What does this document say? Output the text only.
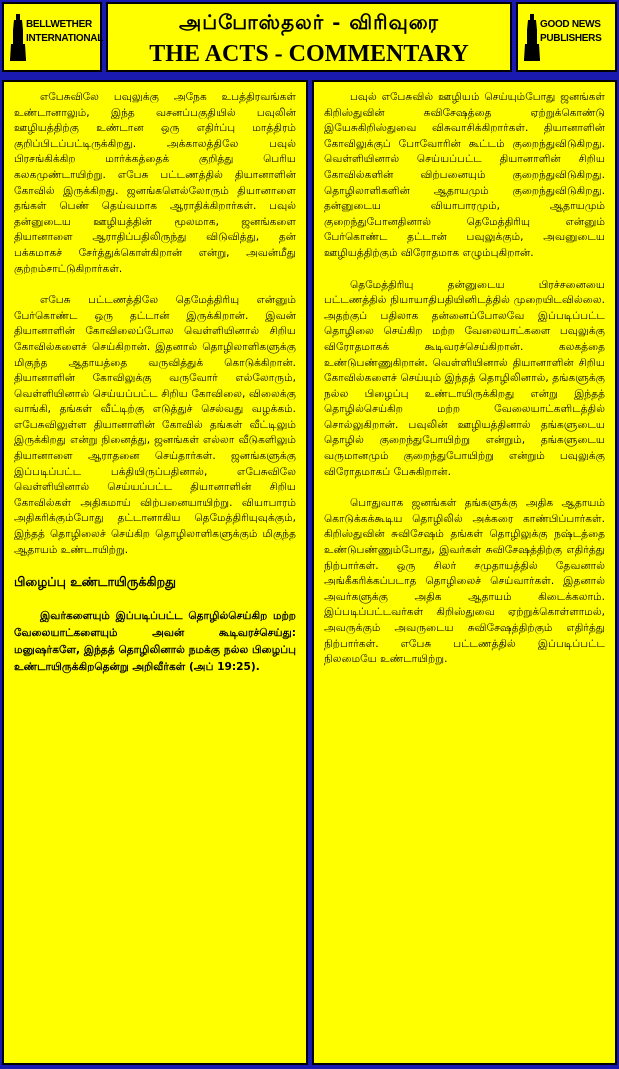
BELLWETHER INTERNATIONAL
அப்போஸ்தலர் - விரிவுரை
THE ACTS - COMMENTARY
GOOD NEWS PUBLISHERS

எபேசுவிலே பவுலுக்கு அநேக உபத்திரவங்கள் உண்டானாலும், இந்த வசனப்பகுதியில் பவுலின் ஊழியத்திற்கு உண்டான ஒரு எதிர்ப்பு மாத்திரம் குறிப்பிடப்பட்டிருக்கிறது. அக்காலத்திலே பவுல் பிரசங்கிக்கிற மார்க்கத்தைக் குறித்து பெரிய கலகமுண்டாயிற்று. எபேசு பட்டணத்தில் தியானாளின் கோவில் இருக்கிறது. ஜனங்களெல்லோரும் தியானாளை தங்கள் பெண் தெய்வமாக ஆராதிக்கிறார்கள். பவுல் தன்னுடைய ஊழியத்தின் மூலமாக, ஜனங்களை தியானாளை ஆராதிப்பதிலிருந்து விடுவித்து, தன் பக்கமாகச் சேர்த்துக்கொள்கிறான் என்று, அவன்மீது குற்றம்சாட்டுகிறார்கள்.

எபேசு பட்டணத்திலே தெமேத்திரியு என்னும் பேர்கொண்ட ஒரு தட்டான் இருக்கிறான். இவன் தியானாளின் கோவிலைப்போல வெள்ளியினால் சிறிய கோவில்களைச் செய்கிறான். இதனால் தொழிலாளிகளுக்கு மிகுந்த ஆதாயத்தை வருவித்துக் கொடுக்கிறான். தியானாளின் கோவிலுக்கு வருவோர் எல்லோரும், வெள்ளியினால் செய்யப்பட்ட சிறிய கோவிலை, விலைக்கு வாங்கி, தங்கள் வீட்டிற்கு எடுத்துச் செல்வது வழக்கம். எபேசுவிலுள்ள தியானாளின் கோவில் தங்கள் வீட்டிலும் இருக்கிறது என்று நினைத்து, ஜனங்கள் எல்லா வீடுகளிலும் தியானாளை ஆராதனை செய்தார்கள். ஜனங்களுக்கு இப்படிப்பட்ட பக்தியிருப்பதினால், எபேசுவிலே வெள்ளியினால் செய்யப்பட்ட தியானாளின் சிறிய கோவில்கள் அதிகமாய் விற்பனையாயிற்று. வியாபாரம் அதிகரிக்கும்போது தட்டானாகிய தெமேத்திரியுவுக்கும், இந்தத் தொழிலைச் செய்கிற தொழிலாளிகளுக்கும் மிகுந்த ஆதாயம் உண்டாயிற்று.

பிழைப்பு உண்டாயிருக்கிறது

இவர்களையும் இப்படிப்பட்ட தொழில்செய்கிற மற்ற வேலையாட்களையும் அவன் கூடிவரச்செய்து: மனுஷர்களே, இந்தத் தொழிலினால் நமக்கு நல்ல பிழைப்பு உண்டாயிருக்கிறதென்று அறிவீர்கள் (அப் 19:25).

பவுல் எபேசுவில் ஊழியம் செய்யும்போது ஜனங்கள் கிறிஸ்துவின் சுவிசேஷத்தை ஏற்றுக்கொண்டு இயேசுகிறிஸ்துவை விசுவாசிக்கிறார்கள். தியானாளின் கோவிலுக்குப் போவோரின் கூட்டம் குறைந்துவிடுகிறது. வெள்ளியினால் செய்யப்பட்ட தியானாளின் சிறிய கோவில்களின் விற்பனையும் குறைந்துவிடுகிறது. தொழிலாளிகளின் ஆதாயமும் குறைந்துவிடுகிறது. தன்னுடைய வியாபாரமும், ஆதாயமும் குறைந்துபோனதினால் தெமேத்திரியு என்னும் பேர்கொண்ட தட்டான் பவுலுக்கும், அவனுடைய ஊழியத்திற்கும் விரோதமாக எழும்புகிறான்.

தெமேத்திரியு தன்னுடைய பிரச்சனையை பட்டணத்தில் நியாயாதிபதியினிடத்தில் முறையிடவில்லை. அதற்குப் பதிலாக தன்னைப்போலவே இப்படிப்பட்ட தொழிலை செய்கிற மற்ற வேலையாட்களை பவுலுக்கு விரோதமாகக் கூடிவரச்செய்கிறான். கலகத்தை உண்டுபண்ணுகிறான். வெள்ளியினால் தியானாளின் சிறிய கோவில்களைச் செய்யும் இந்தத் தொழிலினால், தங்களுக்கு நல்ல பிழைப்பு உண்டாயிருக்கிறது என்று இந்தத் தொழில்செய்கிற மற்ற வேலையாட்களிடத்தில் சொல்லுகிறான். பவுலின் ஊழியத்தினால் தங்களுடைய தொழில் குறைந்துபோயிற்று என்றும், தங்களுடைய வருமானமும் குறைந்துபோயிற்று என்றும் பவுலுக்கு விரோதமாகப் பேசுகிறான்.

பொதுவாக ஜனங்கள் தங்களுக்கு அதிக ஆதாயம் கொடுக்கக்கூடிய தொழிலில் அக்கரை காண்பிப்பார்கள். கிறிஸ்துவின் சுவிசேஷம் தங்கள் தொழிலுக்கு நஷ்டத்தை உண்டுபண்ணும்போது, இவர்கள் சுவிசேஷத்திற்கு எதிர்த்து நிற்பார்கள். ஒரு சிலர் சமுதாயத்தில் தேவனால் அங்கீகரிக்கப்படாத தொழிலைச் செய்வார்கள். இதனால் அவர்களுக்கு அதிக ஆதாயம் கிடைக்கலாம். இப்படிப்பட்டவர்கள் கிறிஸ்துவை ஏற்றுக்கொள்ளாமல், அவருக்கும் அவருடைய சுவிசேஷத்திற்கும் எதிர்த்து நிற்பார்கள். எபேசு பட்டணத்தில் இப்படிப்பட்ட நிலமையே உண்டாயிற்று.
